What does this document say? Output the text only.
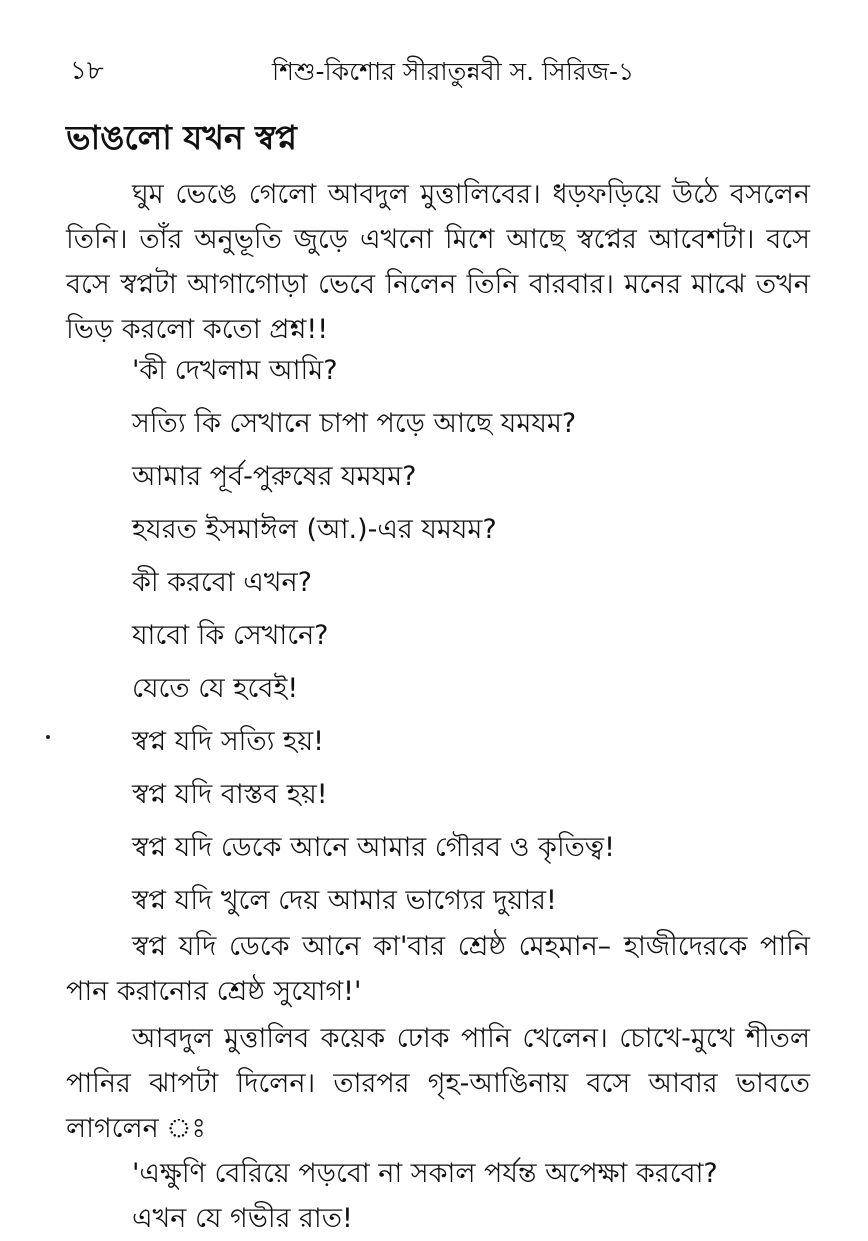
১৮	শিশু-কিশোর সীরাতুন্নবী স. সিরিজ-১
ভাঙলো যখন স্বপ্ন
ঘুম ভেঙে গেলো আবদুল মুত্তালিবের। ধড়ফড়িয়ে উঠে বসলেন তিনি। তাঁর অনুভূতি জুড়ে এখনো মিশে আছে স্বপ্নের আবেশটা। বসে বসে স্বপ্নটা আগাগোড়া ভেবে নিলেন তিনি বারবার। মনের মাঝে তখন ভিড় করলো কতো প্রশ্ন!!
'কী দেখলাম আমি?
সত্যি কি সেখানে চাপা পড়ে আছে যমযম?
আমার পূর্ব-পুরুষের যমযম?
হযরত ইসমাঈল (আ.)-এর যমযম?
কী করবো এখন?
যাবো কি সেখানে?
যেতে যে হবেই!
স্বপ্ন যদি সত্যি হয়!
স্বপ্ন যদি বাস্তব হয়!
স্বপ্ন যদি ডেকে আনে আমার গৌরব ও কৃতিত্ব!
স্বপ্ন যদি খুলে দেয় আমার ভাগ্যের দুয়ার!
স্বপ্ন যদি ডেকে আনে কা'বার শ্রেষ্ঠ মেহমান– হাজীদেরকে পানি পান করানোর শ্রেষ্ঠ সুযোগ!'
আবদুল মুত্তালিব কয়েক ঢোক পানি খেলেন। চোখে-মুখে শীতল পানির ঝাপটা দিলেন। তারপর গৃহ-আঙিনায় বসে আবার ভাবতে লাগলেন ঃ
'এক্ষুণি বেরিয়ে পড়বো না সকাল পর্যন্ত অপেক্ষা করবো?
এখন যে গভীর রাত!
